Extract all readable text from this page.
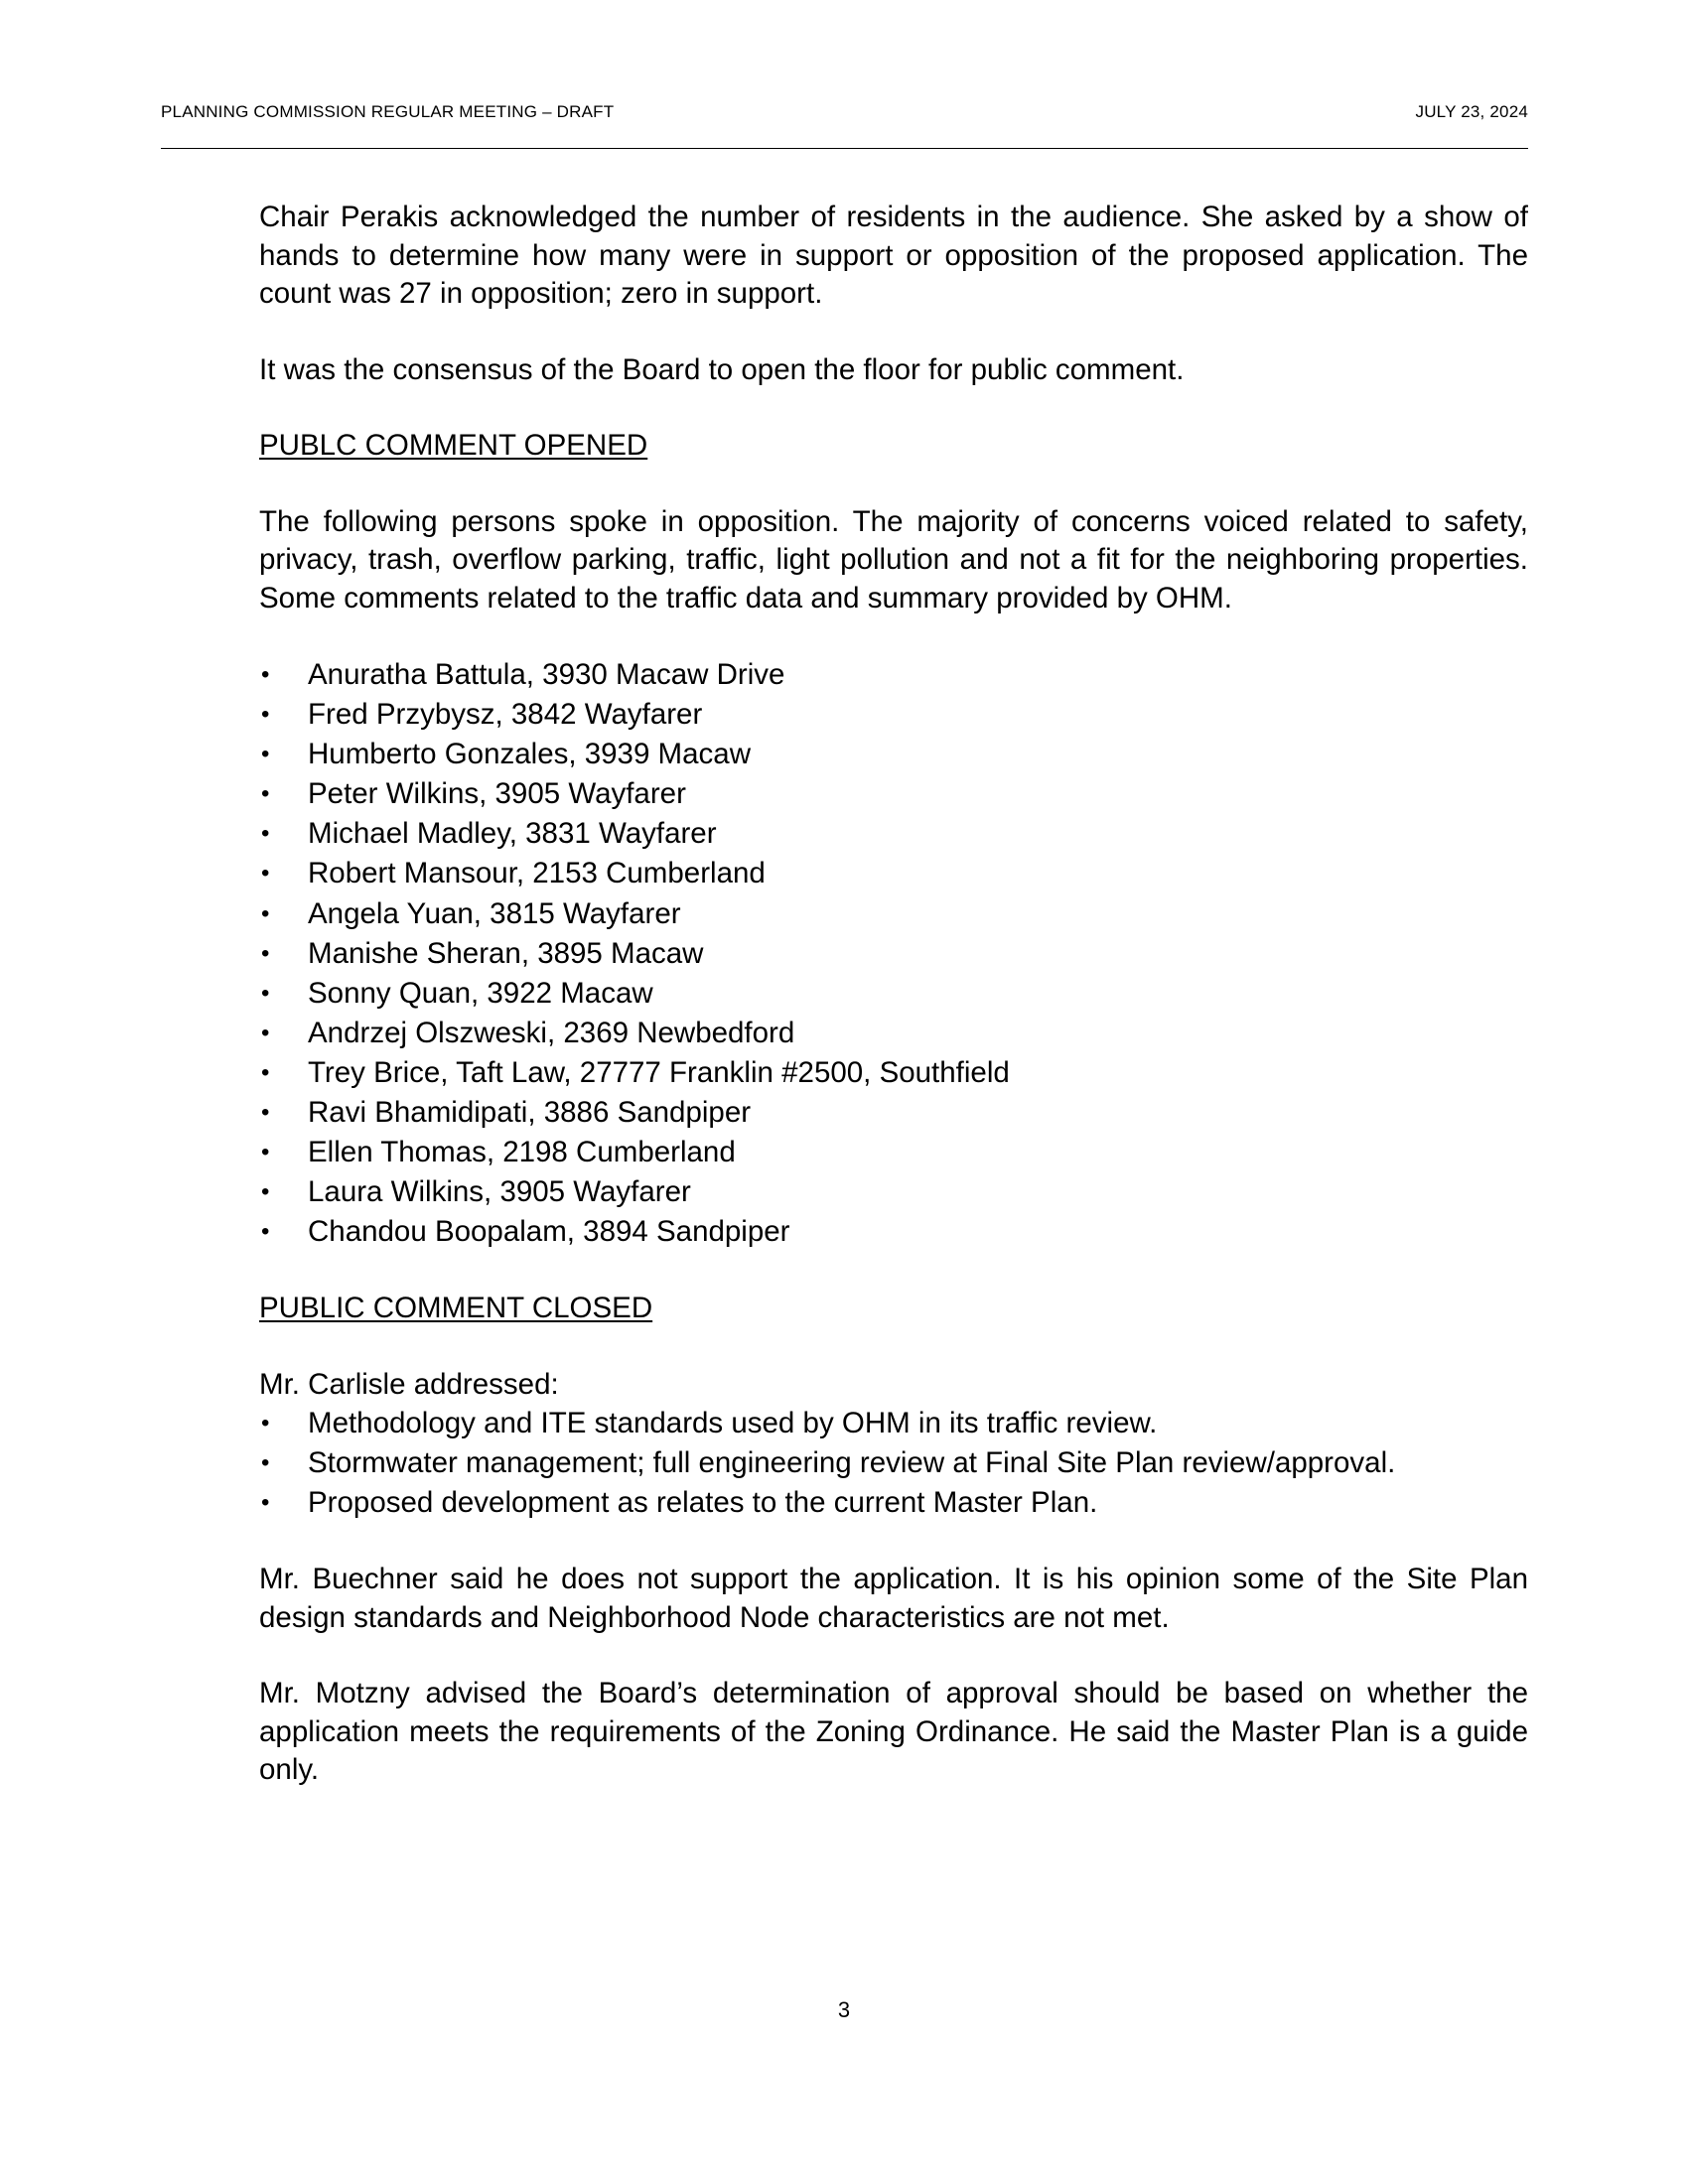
PLANNING COMMISSION REGULAR MEETING – DRAFT	JULY 23, 2024

Chair Perakis acknowledged the number of residents in the audience. She asked by a show of hands to determine how many were in support or opposition of the proposed application. The count was 27 in opposition; zero in support.

It was the consensus of the Board to open the floor for public comment.

PUBLC COMMENT OPENED

The following persons spoke in opposition. The majority of concerns voiced related to safety, privacy, trash, overflow parking, traffic, light pollution and not a fit for the neighboring properties. Some comments related to the traffic data and summary provided by OHM.

• Anuratha Battula, 3930 Macaw Drive
• Fred Przybysz, 3842 Wayfarer
• Humberto Gonzales, 3939 Macaw
• Peter Wilkins, 3905 Wayfarer
• Michael Madley, 3831 Wayfarer
• Robert Mansour, 2153 Cumberland
• Angela Yuan, 3815 Wayfarer
• Manishe Sheran, 3895 Macaw
• Sonny Quan, 3922 Macaw
• Andrzej Olszweski, 2369 Newbedford
• Trey Brice, Taft Law, 27777 Franklin #2500, Southfield
• Ravi Bhamidipati, 3886 Sandpiper
• Ellen Thomas, 2198 Cumberland
• Laura Wilkins, 3905 Wayfarer
• Chandou Boopalam, 3894 Sandpiper

PUBLIC COMMENT CLOSED

Mr. Carlisle addressed:

• Methodology and ITE standards used by OHM in its traffic review.
• Stormwater management; full engineering review at Final Site Plan review/approval.
• Proposed development as relates to the current Master Plan.

Mr. Buechner said he does not support the application. It is his opinion some of the Site Plan design standards and Neighborhood Node characteristics are not met.

Mr. Motzny advised the Board’s determination of approval should be based on whether the application meets the requirements of the Zoning Ordinance. He said the Master Plan is a guide only.

3
